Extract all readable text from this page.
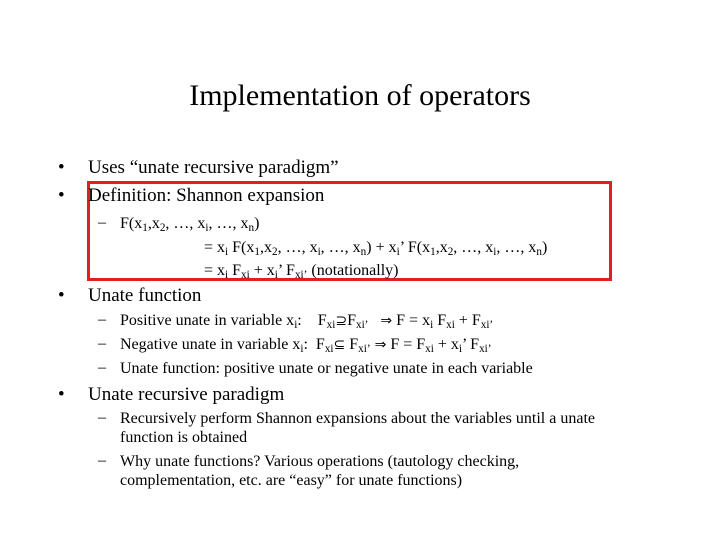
Implementation of operators
• Uses “unate recursive paradigm”
• Definition: Shannon expansion
– $F(x_1,x_2$, …, $x_i$, …, $x_n$)
= $x_i$ $F(x_1,x_2$, …, $x_i$, …, $x_n) + x_i$’ $F(x_1,x_2$, …, $x_i$, …, $x_n$)
= $x_i$ $F_{xi} + x_i$’ $F_{xi’}$ (notationally)
• Unate function
– Positive unate in variable $x_i$:    $F_{xi}⊇F_{xi’}$ ⇒ $F = x_i$ $F_{xi} + F_{xi’}$
– Negative unate in variable $x_i$:  $F_{xi}⊆$ $F_{xi’}$ ⇒ $F = F_{xi} + x_i$’ $F_{xi’}$
– Unate function: positive unate or negative unate in each variable
• Unate recursive paradigm
– Recursively perform Shannon expansions about the variables until a unate
function is obtained
– Why unate functions? Various operations (tautology checking,
complementation, etc. are “easy” for unate functions)
